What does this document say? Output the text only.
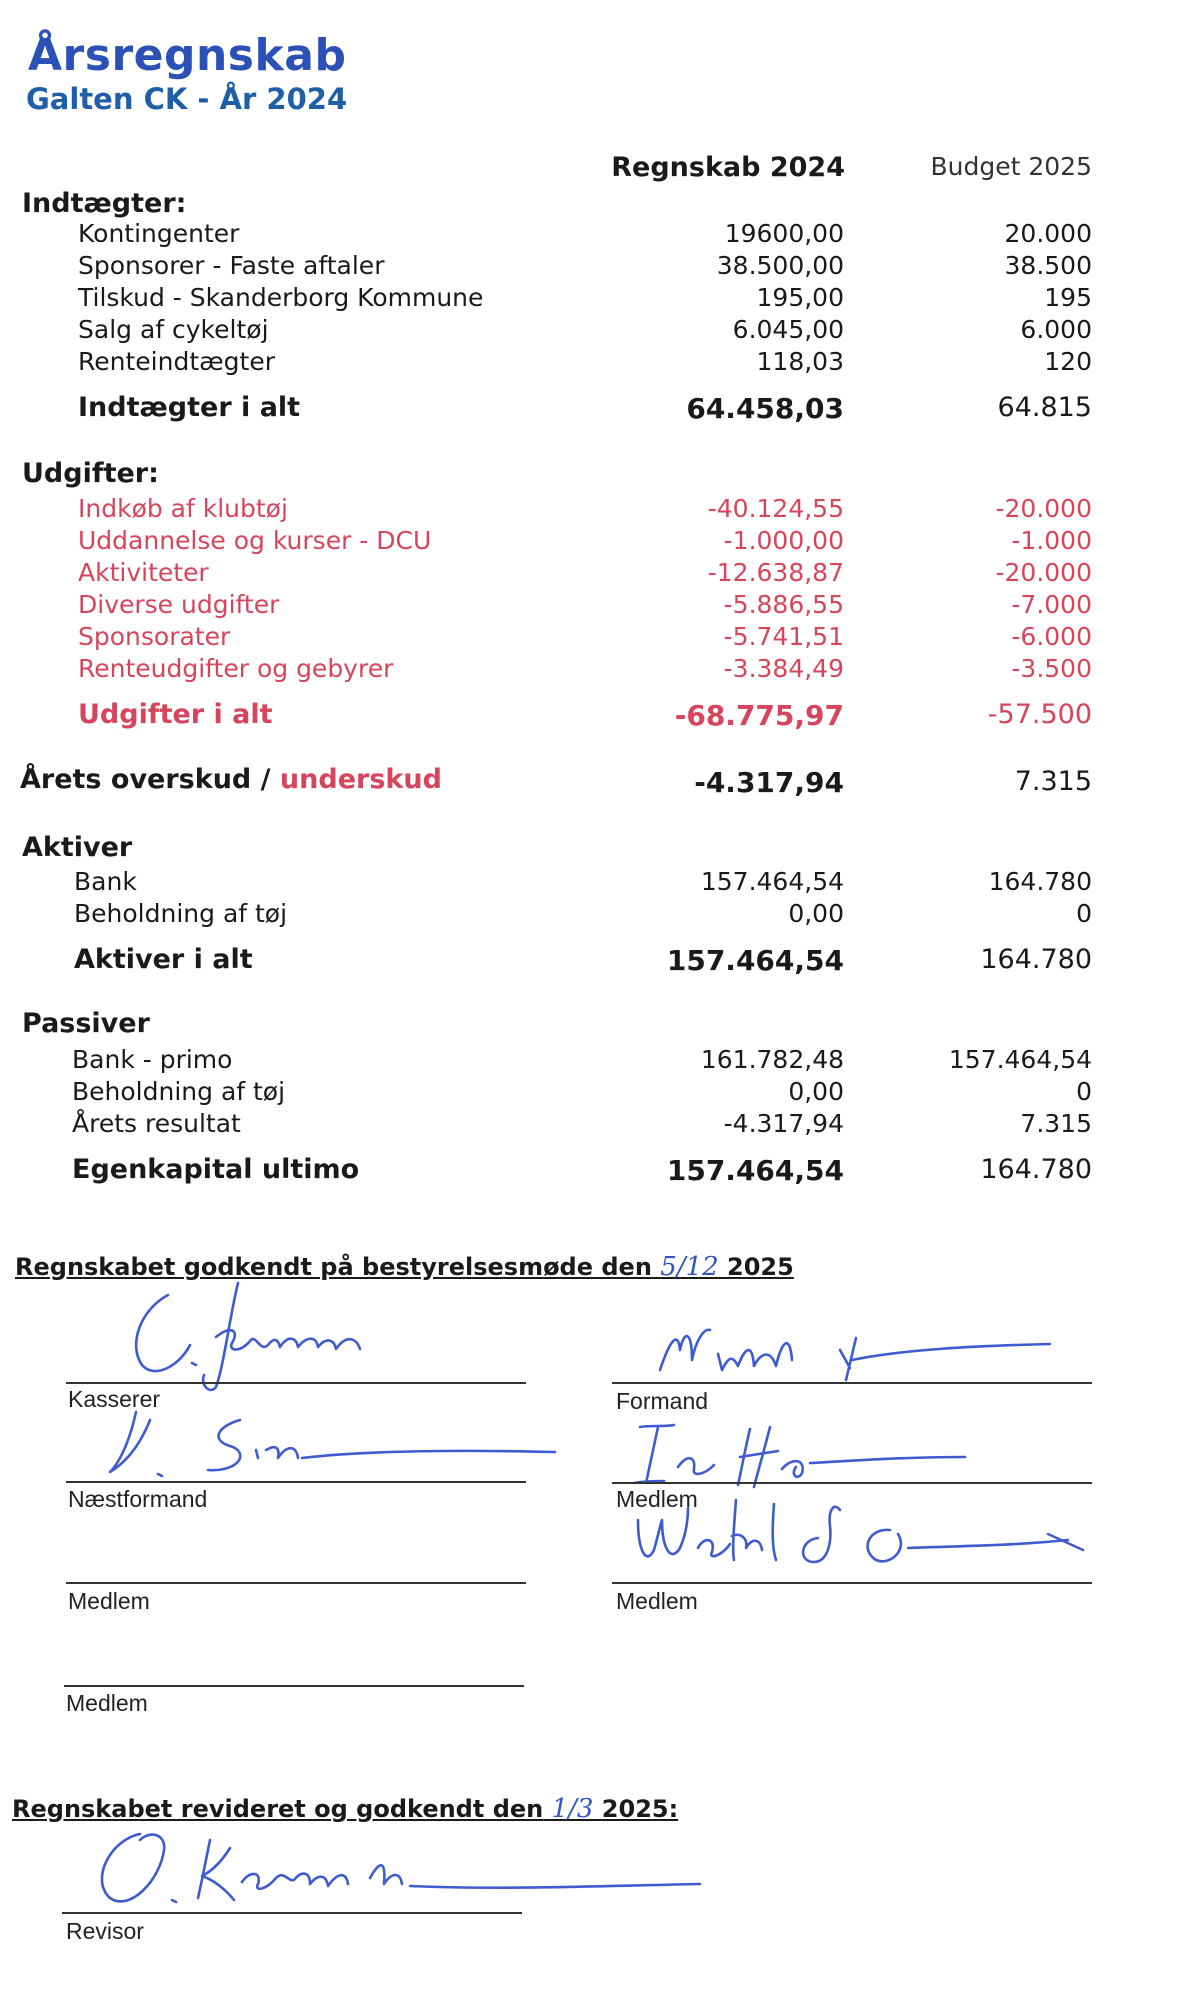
Årsregnskab
Galten CK - År 2024
Regnskab 2024	Budget 2025
Indtægter:
Kontingenter	19600,00	20.000
Sponsorer - Faste aftaler	38.500,00	38.500
Tilskud - Skanderborg Kommune	195,00	195
Salg af cykeltøj	6.045,00	6.000
Renteindtægter	118,03	120
Indtægter i alt	64.458,03	64.815
Udgifter:
Indkøb af klubtøj	-40.124,55	-20.000
Uddannelse og kurser - DCU	-1.000,00	-1.000
Aktiviteter	-12.638,87	-20.000
Diverse udgifter	-5.886,55	-7.000
Sponsorater	-5.741,51	-6.000
Renteudgifter og gebyrer	-3.384,49	-3.500
Udgifter i alt	-68.775,97	-57.500
Årets overskud / underskud	-4.317,94	7.315
Aktiver
Bank	157.464,54	164.780
Beholdning af tøj	0,00	0
Aktiver i alt	157.464,54	164.780
Passiver
Bank - primo	161.782,48	157.464,54
Beholdning af tøj	0,00	0
Årets resultat	-4.317,94	7.315
Egenkapital ultimo	157.464,54	164.780
Regnskabet godkendt på bestyrelsesmøde den 5/12 2025
Kasserer	Formand
Næstformand	Medlem
Medlem
Medlem
Medlem
Regnskabet revideret og godkendt den 1/3 2025:
Revisor
